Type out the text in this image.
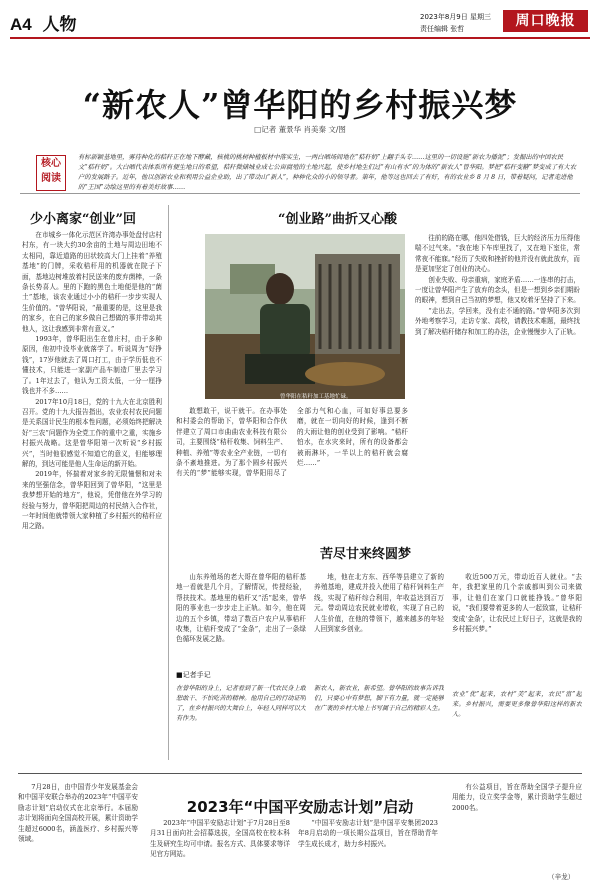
A4 人物	2023年8月9日 星期三
责任编辑 张哲	周口晚报
“新农人”曾华阳的乡村振兴梦
□记者 董景华 肖美秦 文/图
核心
阅读
有标新颖基地里，雾待种化的秸秆正在地下酵藏，核桃的桃树种植板材中落实生，一两白晒场间地在“秸秆奶”上翻手头专……这里的一切设施“新农为播泥”；发掘出的中国农民文“秸秆奶”。大白晒代表体系所有便生地日的希望，秸秆微储城业成七公亩腐殖的土地兴起，使乡村地生们过“有山有水”的为体的“新农人”曾华阳。梦把“秸秆变糖”梦变成了有大农户的发展路子。近年，他以创新农业和利用公益企业助，出了带动山“新人”，种种化众的小的领导者。第年，他等这也回去了有好，有的农业乡 8 月 8 日，带着疑问，记者走进他的“王国”动绘这里的有着美好故事……
少小离家“创业”回

在市城乡一体化示范区许湾办事处盘付店村村东，有一块大约30余亩的土地与周边田地不太相同，靠近道路的田状较高大门上挂着“养殖基地”的门牌，采收秸秆用的机器就在院子下面，基地边树堆放着村民送来的废弃菌棒，一条条长势喜人。里的下跑的黑色土地便是他的“菌土”基地，该农业通过小小的秸秆一步步实现人生价值的。“曾华阳说，“最重要的是，这里是我的家乡，在自己的家乡做自己想做的事并带动其他人，这让我感到非常有意义。”

1993年，曾华阳出生在曾庄村，由于多种原因，他初中没毕业就落学了。听说周为“好挣钱”，17岁他就去了周口打工，由于学历低也不懂技术，只能进一家副产品车制造厂里去学习了。1年过去了，他认为工资太低，一分一厘挣钱也并不多……

2017年10月18日，党的十九大在北京胜利召开。党的十九大报告指出，农业农村农民问题是关系国计民生的根本性问题，必须始终把解决好“三农”问题作为全党工作的重中之重，实施乡村振兴战略。这是曾华阳第一次听说“乡村振兴”，当时他很感觉不知道它的意义，但能够理解的，到达可能是他人生命运的新开始。

2019年，怀揣着对家乡的无限憧憬和对未来的坚强信念，曾华阳回到了曾华阳，“这里是我梦想开始的地方”，他说，凭借他在外学习的经验与努力，曾华阳把周边的村民纳入合作社，一年时间他就带领大家种植了乡村振兴的秸秆应用之路。

“创业路”曲折又心酸
曾华阳在秸秆加工基地忙碌。

往前的路在哪，他四处借钱，巨大的经济压力压得他喘不过气来。“我在地下车库里找了，又在地下室住，常常夜不能寐。”经历了失败和挫折的他并没有就此放弃，而是更加坚定了创业的决心。

创业失败、母亲重病，家庭矛盾……一连串的打击，一度让曾华阳产生了放弃的念头，但是一想到乡亲们期盼的眼神，想到自己当初的梦想，他又咬着牙坚持了下来。

“走出去，学回来，没有走不通的路。”曾华阳多次到外地考察学习，走访专家、高校，请教技术难题，最终找到了解决秸秆储存和加工的办法，企业慢慢步入了正轨。

敢想敢干，说干就干。在办事处和村委会的帮助下，曾华阳和合作伙伴建立了周口市曲曲农业科技有限公司，主要围绕“秸秆收集、饲料生产、种植、养殖”等农业全产业链，一切有条不紊地推进。为了那个圆乡村振兴有关的“梦”能够实现，曾华阳用尽了全部力气和心血，可如好事总要多磨，就在一切向好的时候，逢到不断的大雨让他的创业受到了影响。“秸秆怕水，在水灾来时，所有的设备都会被雨淋坏，一半以上的秸秆就会腐烂……”

苦尽甘来终圆梦

山东养殖场的老大哥在曾华阳的秸秆基地一看就是几个月，了解情况，传授经验，帮扶技术。基地里的秸秆又“活”起来，曾华阳的事业也一步步走上正轨。如今，他在周边的五个乡镇，带动了数百户农户从事秸秆收集，让秸秆变成了“金条”，走出了一条绿色循环发展之路。

地，他在北方东、西华等县建立了新的养殖基地，建成并投入使用了秸秆饲料生产线，实现了秸秆综合利用，年收益达到百万元。带动周边农民就业增收，实现了自己的人生价值，在他的带领下，越来越多的年轻人回到家乡创业。

收近500万元，带动近百人就业。“去年，我把家里的几个亲戚都叫到公司来做事，让他们在家门口就能挣钱。”曾华阳说，“我们要带着更多的人一起致富，让秸秆变成‘金条’，让农民过上好日子，这就是我的乡村振兴梦。”

■记者手记
在曾华阳的身上，记者看到了新一代农民身上敢想敢干、不怕吃苦的精神。他用自己的行动证明了，在乡村振兴的大舞台上，年轻人同样可以大有作为。
新农人，新农业，新希望。曾华阳的故事告诉我们，只要心中有梦想，脚下有力量，就一定能够在广袤的乡村大地上书写属于自己的精彩人生。
农业“优”起来，农村“美”起来，农民“富”起来。乡村振兴，需要更多像曾华阳这样的新农人。

7月28日，由中国青少年发展基金会和中国平安联合举办的2023年“中国平安励志计划”启动仪式在北京举行。本届励志计划将面向全国高校开展，累计资助学生超过6000名，涵盖医疗、乡村振兴等领域。

2023年“中国平安励志计划”启动

2023年“中国平安励志计划”于7月28日至8月31日面向社会招募选拔，全国高校在校本科生及研究生均可申请。报名方式、具体要求等详见官方网站。

“中国平安励志计划”是中国平安集团2023年8月启动的一项长期公益项目，旨在帮助青年学生成长成才，助力乡村振兴。

有公益项目，旨在帮助全国学子提升应用能力，设立奖学金等，累计资助学生超过2000名。

（辛龙）
